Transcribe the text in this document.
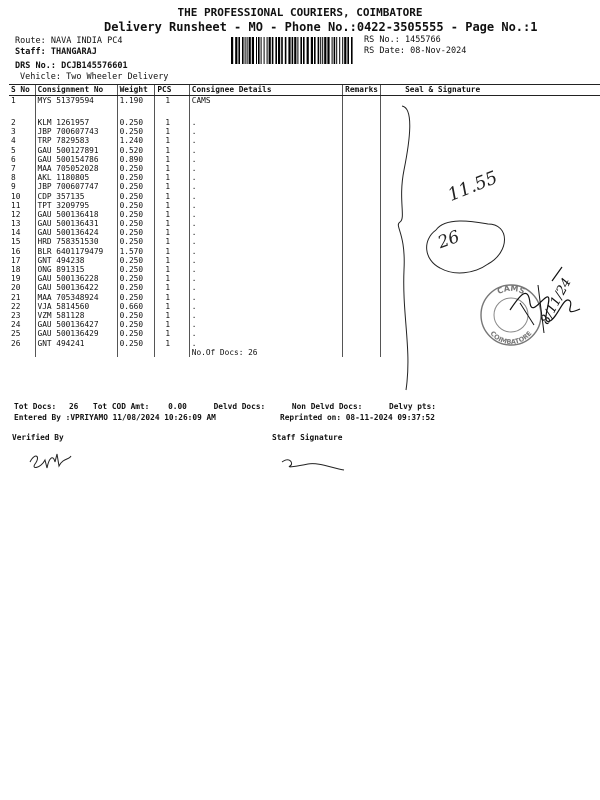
THE PROFESSIONAL COURIERS, COIMBATORE
Delivery Runsheet - MO - Phone No.:0422-3505555 - Page No.:1
Route: NAVA INDIA PC4
Staff: THANGARAJ
DRS No.: DCJB145576601
Vehicle: Two Wheeler Delivery
RS No.: 1455766
RS Date: 08-Nov-2024
S No	Consignment No	Weight	PCS	Consignee Details	Remarks	Seal & Signature
1	MYS 51379594	1.190	1	CAMS		
2	KLM 1261957	0.250	1	.		
3	JBP 700607743	0.250	1	.		
4	TRP 7829583	1.240	1	.		
5	GAU 500127891	0.520	1	.		
6	GAU 500154786	0.890	1	.		
7	MAA 705052028	0.250	1	.		
8	AKL 1180805	0.250	1	.		
9	JBP 700607747	0.250	1	.		
10	CDP 357135	0.250	1	.		
11	TPT 3209795	0.250	1	.		
12	GAU 500136418	0.250	1	.		
13	GAU 500136431	0.250	1	.		
14	GAU 500136424	0.250	1	.		
15	HRD 758351530	0.250	1	.		
16	BLR 6401179479	1.570	1	.		
17	GNT 494238	0.250	1	.		
18	ONG 891315	0.250	1	.		
19	GAU 500136228	0.250	1	.		
20	GAU 500136422	0.250	1	.		
21	MAA 705348924	0.250	1	.		
22	VJA 5814560	0.660	1	.		
23	VZM 581128	0.250	1	.		
24	GAU 500136427	0.250	1	.		
25	GAU 500136429	0.250	1	.		
26	GNT 494241	0.250	1	.		
				No.Of Docs: 26		
11.55
26
CAMS
COIMBATORE
8/11/24
Tot Docs: 26 Tot COD Amt: 0.00	Delvd Docs:	Non Delvd Docs:	Delvy pts:
Entered By :VPRIYAMO 11/08/2024 10:26:09 AM	Reprinted on: 08-11-2024 09:37:52
Verified By	Staff Signature
